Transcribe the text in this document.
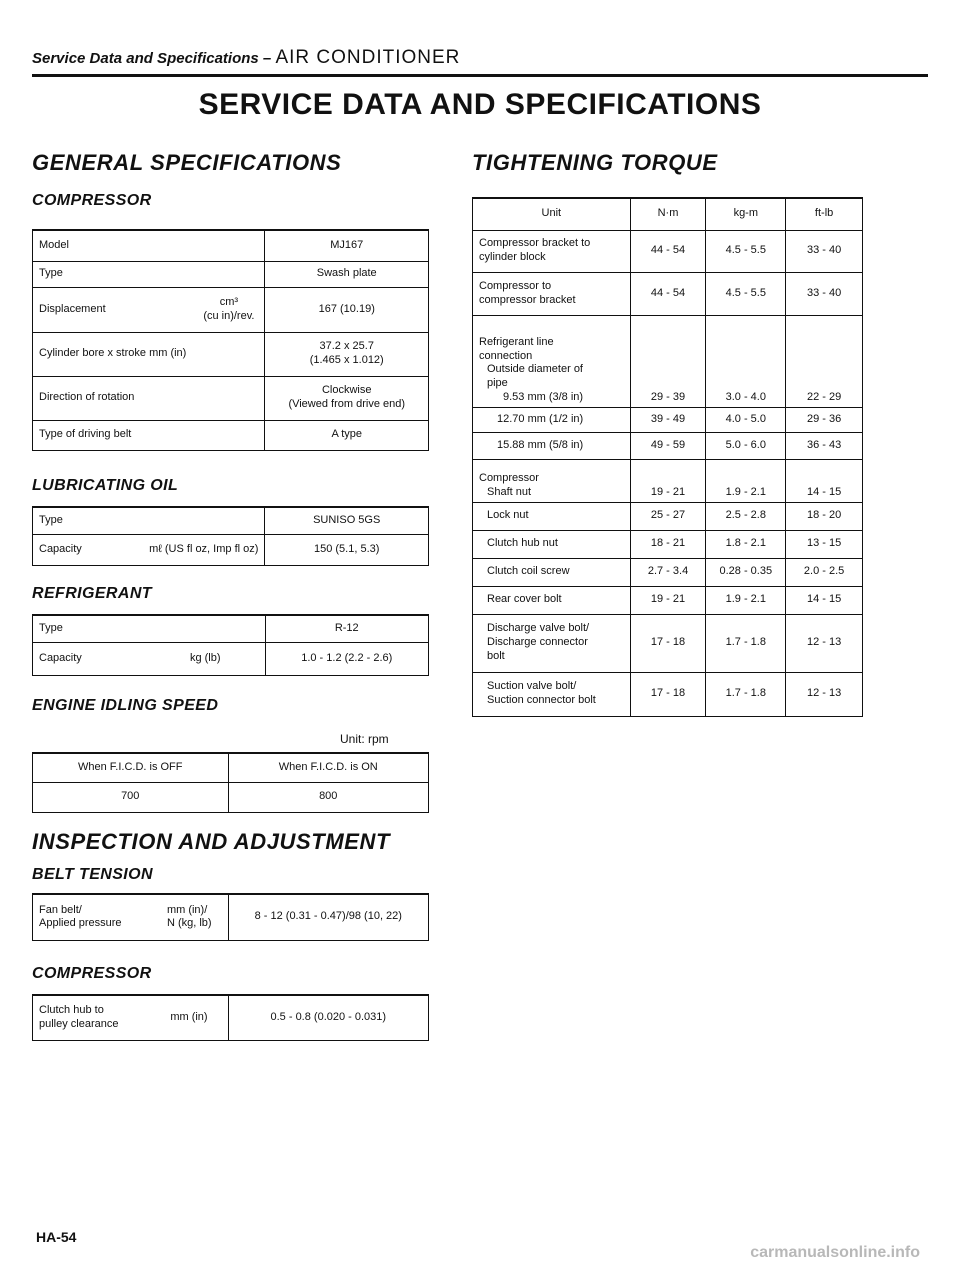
Service Data and Specifications – AIR CONDITIONER
SERVICE DATA AND SPECIFICATIONS
GENERAL SPECIFICATIONS
COMPRESSOR
Model	MJ167
Type	Swash plate

Displacement
cm³
(cu in)/rev.	167 (10.19)
Cylinder bore x stroke mm (in)	37.2 x 25.7
(1.465 x 1.012)

Direction of rotation	Clockwise
(Viewed from drive end)

Type of driving belt	A type
LUBRICATING OIL
Type	SUNISO 5GS

Capacity mℓ (US fl oz, Imp fl oz)	150 (5.1, 5.3)
REFRIGERANT
Type	R-12

Capacity kg (lb)	1.0 - 1.2 (2.2 - 2.6)
ENGINE IDLING SPEED
Unit: rpm
When F.I.C.D. is OFF	When F.I.C.D. is ON
700	800
INSPECTION AND ADJUSTMENT
BELT TENSION
Fan belt/
Applied pressure
mm (in)/
N (kg, lb)
	8 - 12 (0.31 - 0.47)/98 (10, 22)
COMPRESSOR
Clutch hub to
pulley clearance
mm (in)	0.5 - 0.8 (0.020 - 0.031)
TIGHTENING TORQUE
Unit	N·m	kg-m	ft-lb

Compressor bracket to
cylinder block	44 - 54	4.5 - 5.5	33 - 40

Compressor to
compressor bracket	44 - 54	4.5 - 5.5	33 - 40

Refrigerant line
connection
Outside diameter of
pipe
9.53 mm (3/8 in)	29 - 39	3.0 - 4.0	22 - 29
12.70 mm (1/2 in)	39 - 49	4.0 - 5.0	29 - 36
15.88 mm (5/8 in)	49 - 59	5.0 - 6.0	36 - 43

Compressor
Shaft nut	19 - 21	1.9 - 2.1	14 - 15
Lock nut	25 - 27	2.5 - 2.8	18 - 20
Clutch hub nut	18 - 21	1.8 - 2.1	13 - 15
Clutch coil screw	2.7 - 3.4	0.28 - 0.35	2.0 - 2.5
Rear cover bolt	19 - 21	1.9 - 2.1	14 - 15

Discharge valve bolt/
Discharge connector
bolt	17 - 18	1.7 - 1.8	12 - 13

Suction valve bolt/
Suction connector bolt	17 - 18	1.7 - 1.8	12 - 13
HA-54
carmanualsonline.info
